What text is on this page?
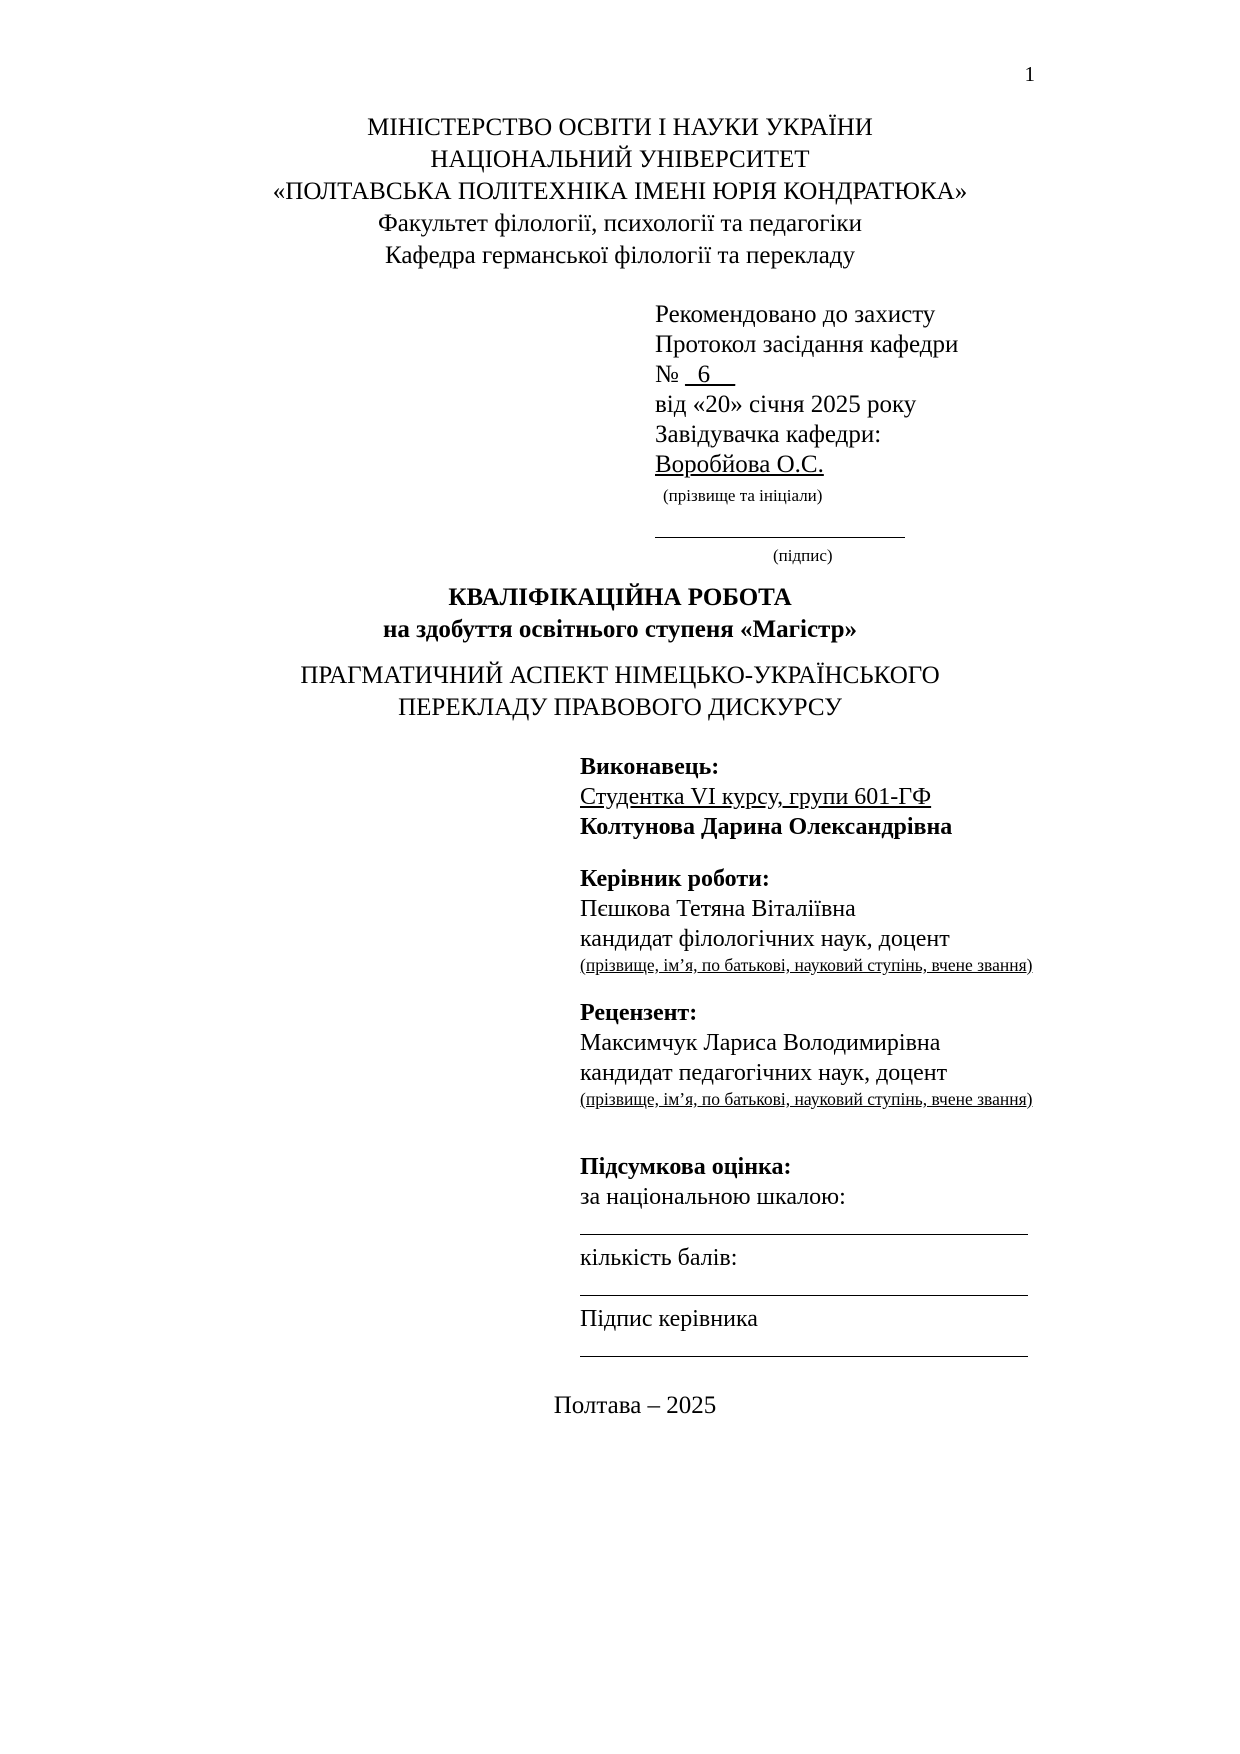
1
МІНІСТЕРСТВО ОСВІТИ І НАУКИ УКРАЇНИ
НАЦІОНАЛЬНИЙ УНІВЕРСИТЕТ
«ПОЛТАВСЬКА ПОЛІТЕХНІКА ІМЕНІ ЮРІЯ КОНДРАТЮКА»
Факультет філології, психології та педагогіки
Кафедра германської філології та перекладу
Рекомендовано до захисту
Протокол засідання кафедри
№ _6__
від «20» січня 2025 року
Завідувачка кафедри:
Воробйова О.С.
(прізвище та ініціали)
(підпис)
КВАЛІФІКАЦІЙНА РОБОТА
на здобуття освітнього ступеня «Магістр»
ПРАГМАТИЧНИЙ АСПЕКТ НІМЕЦЬКО-УКРАЇНСЬКОГО
ПЕРЕКЛАДУ ПРАВОВОГО ДИСКУРСУ
Виконавець:
Студентка VI курсу, групи 601-ГФ
Колтунова Дарина Олександрівна
Керівник роботи:
Пєшкова Тетяна Віталіївна
кандидат філологічних наук, доцент
(прізвище, ім’я, по батькові, науковий ступінь, вчене звання)
Рецензент:
Максимчук Лариса Володимирівна
кандидат педагогічних наук, доцент
(прізвище, ім’я, по батькові, науковий ступінь, вчене звання)
Підсумкова оцінка:
за національною шкалою:
кількість балів:
Підпис керівника
Полтава – 2025
